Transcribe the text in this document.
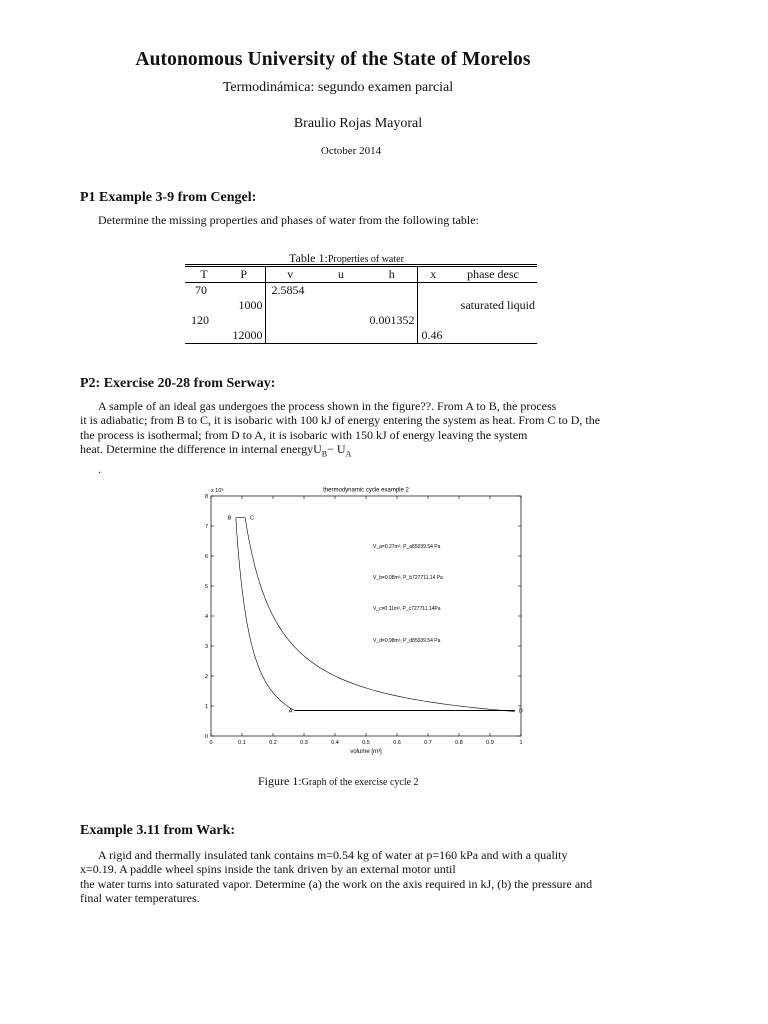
Autonomous University of the State of Morelos
Termodinámica: segundo examen parcial
Braulio Rojas Mayoral
October 2014
P1 Example 3-9 from Cengel:
Determine the missing properties and phases of water from the following table:
Table 1:Properties of water
T	P	v	u	h	x	phase desc
70		2.5854				
	1000					saturated liquid
120				0.001352		
	12000				0.46	
P2: Exercise 20-28 from Serway:
A sample of an ideal gas undergoes the process shown in the figure??. From A to B, the process
it is adiabatic; from B to C, it is isobaric with 100 kJ of energy entering the system as heat. From C to D, the
the process is isothermal; from D to A, it is isobaric with 150 kJ of energy leaving the system
heat. Determine the difference in internal energyU$_B$− $U_A$
.
thermodynamic cycle example 2
x 10⁵
0	0.1	0.2	0.3	0.4	0.5	0.6	0.7	0.8	0.9	1
0
1
2
3
4
5
6
7
8
A
B	C
D
V_a=0.27m³, P_a85039.54 Pa
V_b=0.08m³, P_b727711.14 Pa
V_c=0.11m³, P_c727711.14Pa
V_d=0.98m³, P_d85039.54 Pa
volume [m³]
Figure 1:Graph of the exercise cycle 2
Example 3.11 from Wark:
A rigid and thermally insulated tank contains m=0.54 kg of water at p=160 kPa and with a quality
x=0.19. A paddle wheel spins inside the tank driven by an external motor until
the water turns into saturated vapor. Determine (a) the work on the axis required in kJ, (b) the pressure and
final water temperatures.
